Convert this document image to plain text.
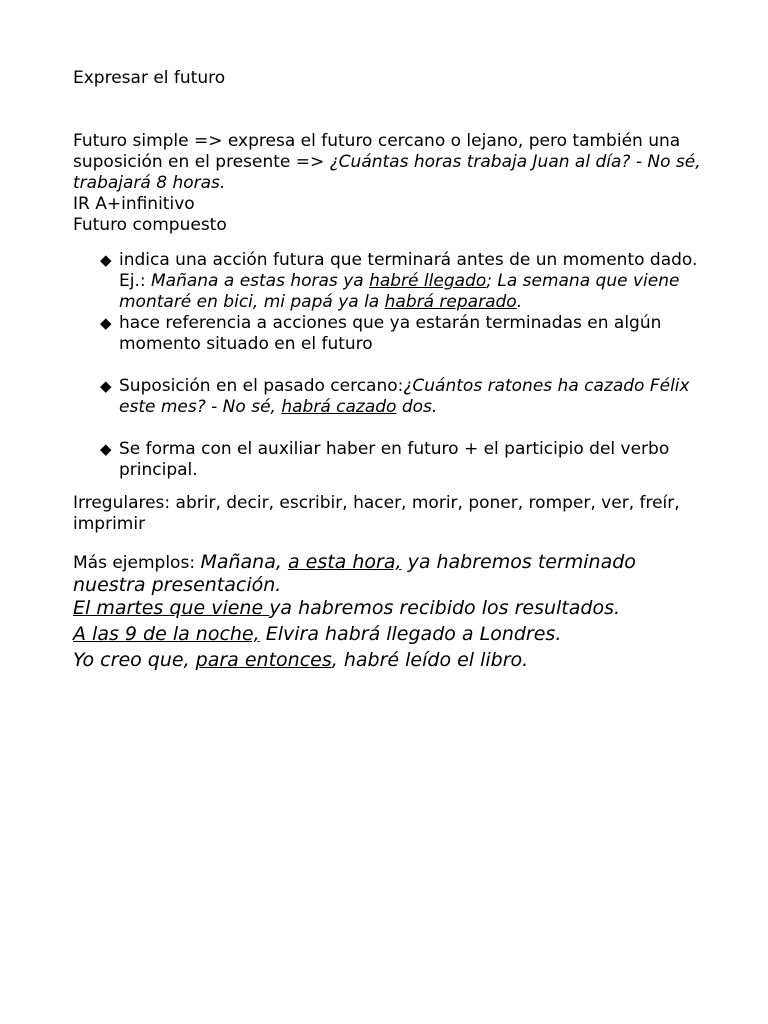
Expresar el futuro

Futuro simple => expresa el futuro cercano o lejano, pero también una suposición en el presente => ¿Cuántas horas trabaja Juan al día? - No sé, trabajará 8 horas.

IR A+infinitivo

Futuro compuesto

◆ indica una acción futura que terminará antes de un momento dado. Ej.: Mañana a estas horas ya habré llegado; La semana que viene montaré en bici, mi papá ya la habrá reparado.
◆ hace referencia a acciones que ya estarán terminadas en algún momento situado en el futuro
◆ Suposición en el pasado cercano:¿Cuántos ratones ha cazado Félix este mes? - No sé, habrá cazado dos.
◆ Se forma con el auxiliar haber en futuro + el participio del verbo principal.

Irregulares: abrir, decir, escribir, hacer, morir, poner, romper, ver, freír, imprimir

Más ejemplos: Mañana, a esta hora, ya habremos terminado nuestra presentación.

El martes que viene ya habremos recibido los resultados.

A las 9 de la noche, Elvira habrá llegado a Londres.

Yo creo que, para entonces, habré leído el libro.
